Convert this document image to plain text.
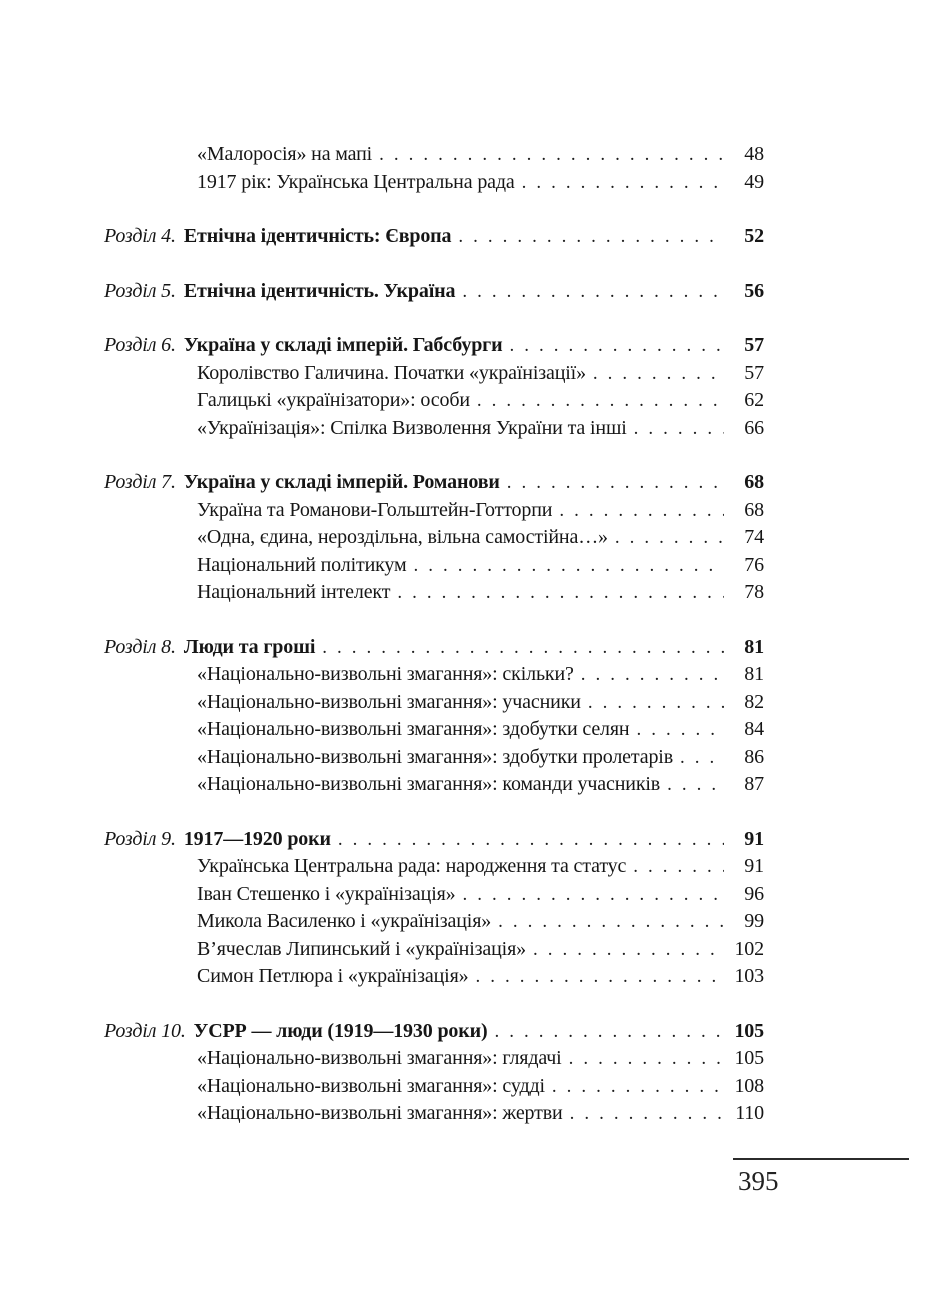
«Малоросія» на мапі .....	48
1917 рік: Українська Центральна рада .....	49
Розділ 4. Етнічна ідентичність: Європа .....	52
Розділ 5. Етнічна ідентичність. Україна .....	56
Розділ 6. Україна у складі імперій. Габсбурги .....	57
Королівство Галичина. Початки «українізації» .....	57
Галицькі «українізатори»: особи .....	62
«Українізація»: Спілка Визволення України та інші .....	66
Розділ 7. Україна у складі імперій. Романови .....	68
Україна та Романови-Гольштейн-Готторпи .....	68
«Одна, єдина, нероздільна, вільна самостійна…» .....	74
Національний політикум .....	76
Національний інтелект .....	78
Розділ 8. Люди та гроші .....	81
«Національно-визвольні змагання»: скільки? .....	81
«Національно-визвольні змагання»: учасники .....	82
«Національно-визвольні змагання»: здобутки селян .....	84
«Національно-визвольні змагання»: здобутки пролетарів .....	86
«Національно-визвольні змагання»: команди учасників .....	87
Розділ 9. 1917—1920 роки .....	91
Українська Центральна рада: народження та статус .....	91
Іван Стешенко і «українізація» .....	96
Микола Василенко і «українізація» .....	99
В’ячеслав Липинський і «українізація» .....	102
Симон Петлюра і «українізація» .....	103
Розділ 10. УСРР — люди (1919—1930 роки) .....	105
«Національно-визвольні змагання»: глядачі .....	105
«Національно-визвольні змагання»: судді .....	108
«Національно-визвольні змагання»: жертви .....	110
395
